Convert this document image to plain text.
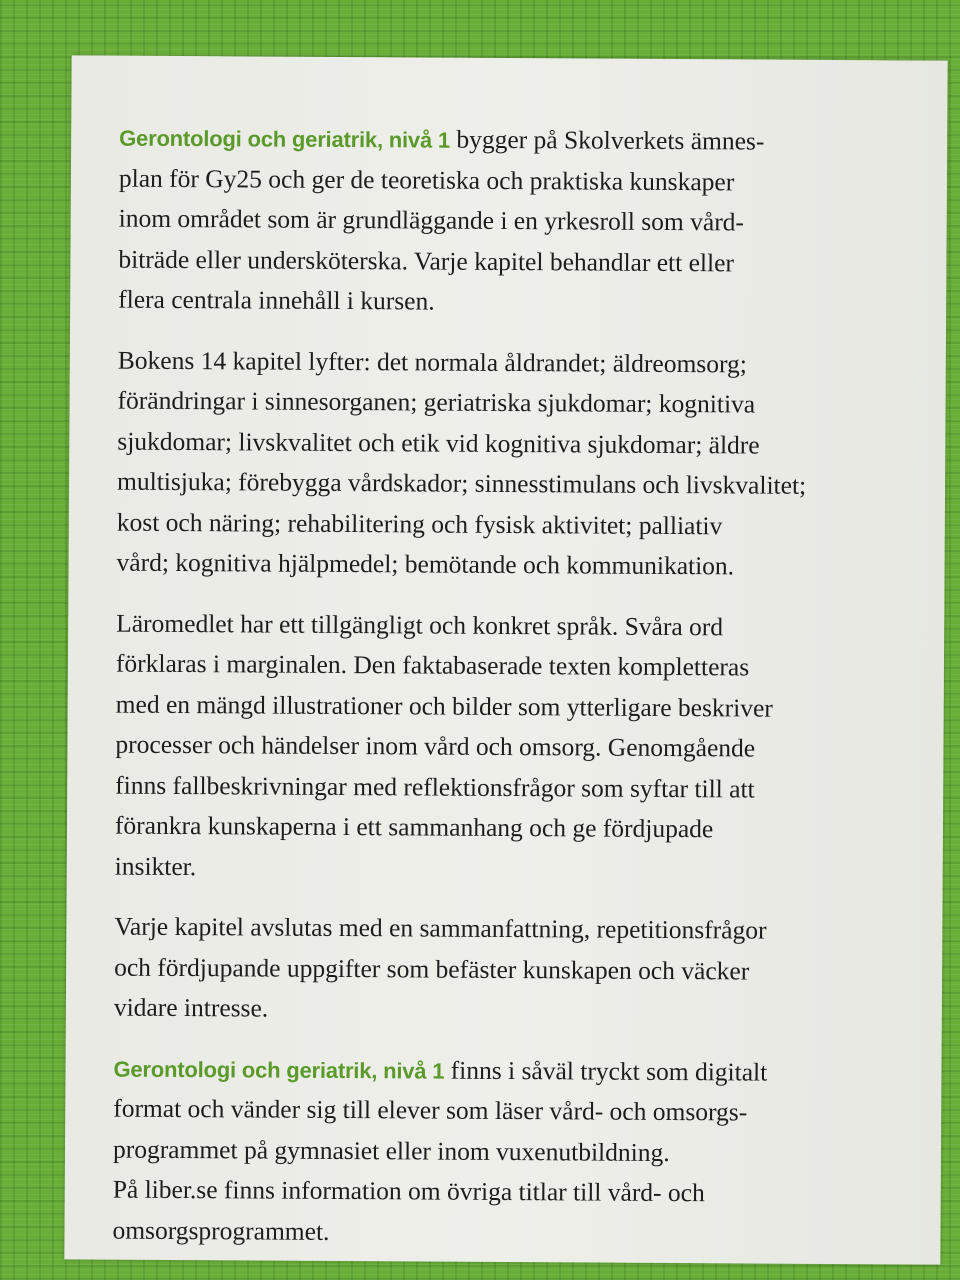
Gerontologi och geriatrik, nivå 1 bygger på Skolverkets ämnes-
plan för Gy25 och ger de teoretiska och praktiska kunskaper
inom området som är grundläggande i en yrkesroll som vård-
biträde eller undersköterska. Varje kapitel behandlar ett eller
flera centrala innehåll i kursen.
Bokens 14 kapitel lyfter: det normala åldrandet; äldreomsorg;
förändringar i sinnesorganen; geriatriska sjukdomar; kognitiva
sjukdomar; livskvalitet och etik vid kognitiva sjukdomar; äldre
multisjuka; förebygga vårdskador; sinnesstimulans och livskvalitet;
kost och näring; rehabilitering och fysisk aktivitet; palliativ
vård; kognitiva hjälpmedel; bemötande och kommunikation.
Läromedlet har ett tillgängligt och konkret språk. Svåra ord
förklaras i marginalen. Den faktabaserade texten kompletteras
med en mängd illustrationer och bilder som ytterligare beskriver
processer och händelser inom vård och omsorg. Genomgående
finns fallbeskrivningar med reflektionsfrågor som syftar till att
förankra kunskaperna i ett sammanhang och ge fördjupade
insikter.
Varje kapitel avslutas med en sammanfattning, repetitionsfrågor
och fördjupande uppgifter som befäster kunskapen och väcker
vidare intresse.
Gerontologi och geriatrik, nivå 1 finns i såväl tryckt som digitalt
format och vänder sig till elever som läser vård- och omsorgs-
programmet på gymnasiet eller inom vuxenutbildning.
På liber.se finns information om övriga titlar till vård- och
omsorgsprogrammet.
